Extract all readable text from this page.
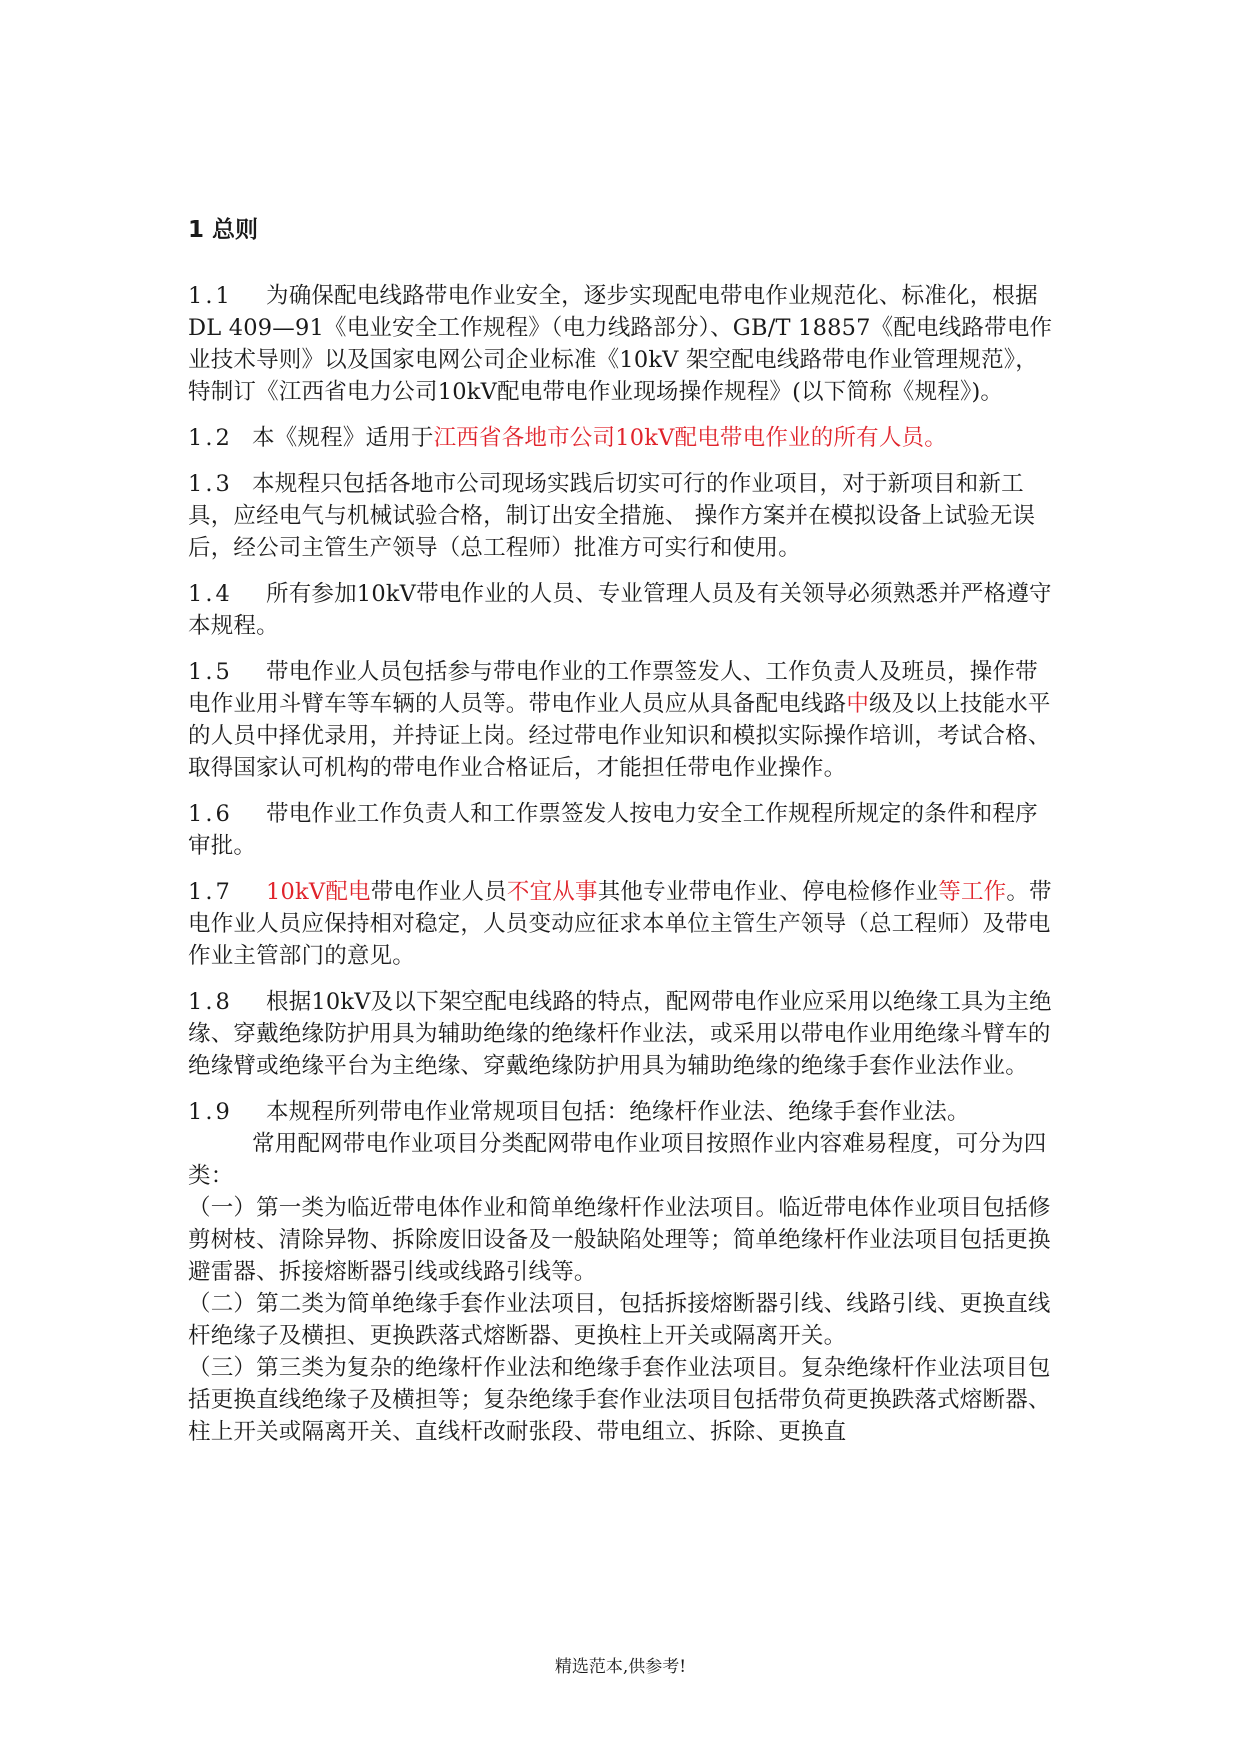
1 总则

1.1 为确保配电线路带电作业安全，逐步实现配电带电作业规范化、标准化，根据DL 409—91《电业安全工作规程》（电力线路部分）、GB/T 18857《配电线路带电作业技术导则》以及国家电网公司企业标准《10kV 架空配电线路带电作业管理规范》，特制订《江西省电力公司10kV配电带电作业现场操作规程》(以下简称《规程》)。

1.2 本《规程》适用于江西省各地市公司10kV配电带电作业的所有人员。

1.3 本规程只包括各地市公司现场实践后切实可行的作业项目，对于新项目和新工具，应经电气与机械试验合格，制订出安全措施、 操作方案并在模拟设备上试验无误后，经公司主管生产领导（总工程师）批准方可实行和使用。

1.4 所有参加10kV带电作业的人员、专业管理人员及有关领导必须熟悉并严格遵守本规程。

1.5 带电作业人员包括参与带电作业的工作票签发人、工作负责人及班员，操作带电作业用斗臂车等车辆的人员等。带电作业人员应从具备配电线路中级及以上技能水平的人员中择优录用，并持证上岗。经过带电作业知识和模拟实际操作培训，考试合格、取得国家认可机构的带电作业合格证后，才能担任带电作业操作。

1.6 带电作业工作负责人和工作票签发人按电力安全工作规程所规定的条件和程序审批。

1.7 10kV配电带电作业人员不宜从事其他专业带电作业、停电检修作业等工作。带电作业人员应保持相对稳定，人员变动应征求本单位主管生产领导（总工程师）及带电作业主管部门的意见。

1.8 根据10kV及以下架空配电线路的特点，配网带电作业应采用以绝缘工具为主绝缘、穿戴绝缘防护用具为辅助绝缘的绝缘杆作业法，或采用以带电作业用绝缘斗臂车的绝缘臂或绝缘平台为主绝缘、穿戴绝缘防护用具为辅助绝缘的绝缘手套作业法作业。

1.9 本规程所列带电作业常规项目包括：绝缘杆作业法、绝缘手套作业法。

常用配网带电作业项目分类配网带电作业项目按照作业内容难易程度，可分为四类：

（一）第一类为临近带电体作业和简单绝缘杆作业法项目。临近带电体作业项目包括修剪树枝、清除异物、拆除废旧设备及一般缺陷处理等；简单绝缘杆作业法项目包括更换避雷器、拆接熔断器引线或线路引线等。

（二）第二类为简单绝缘手套作业法项目，包括拆接熔断器引线、线路引线、更换直线杆绝缘子及横担、更换跌落式熔断器、更换柱上开关或隔离开关。

（三）第三类为复杂的绝缘杆作业法和绝缘手套作业法项目。复杂绝缘杆作业法项目包括更换直线绝缘子及横担等；复杂绝缘手套作业法项目包括带负荷更换跌落式熔断器、柱上开关或隔离开关、直线杆改耐张段、带电组立、拆除、更换直

精选范本,供参考!
